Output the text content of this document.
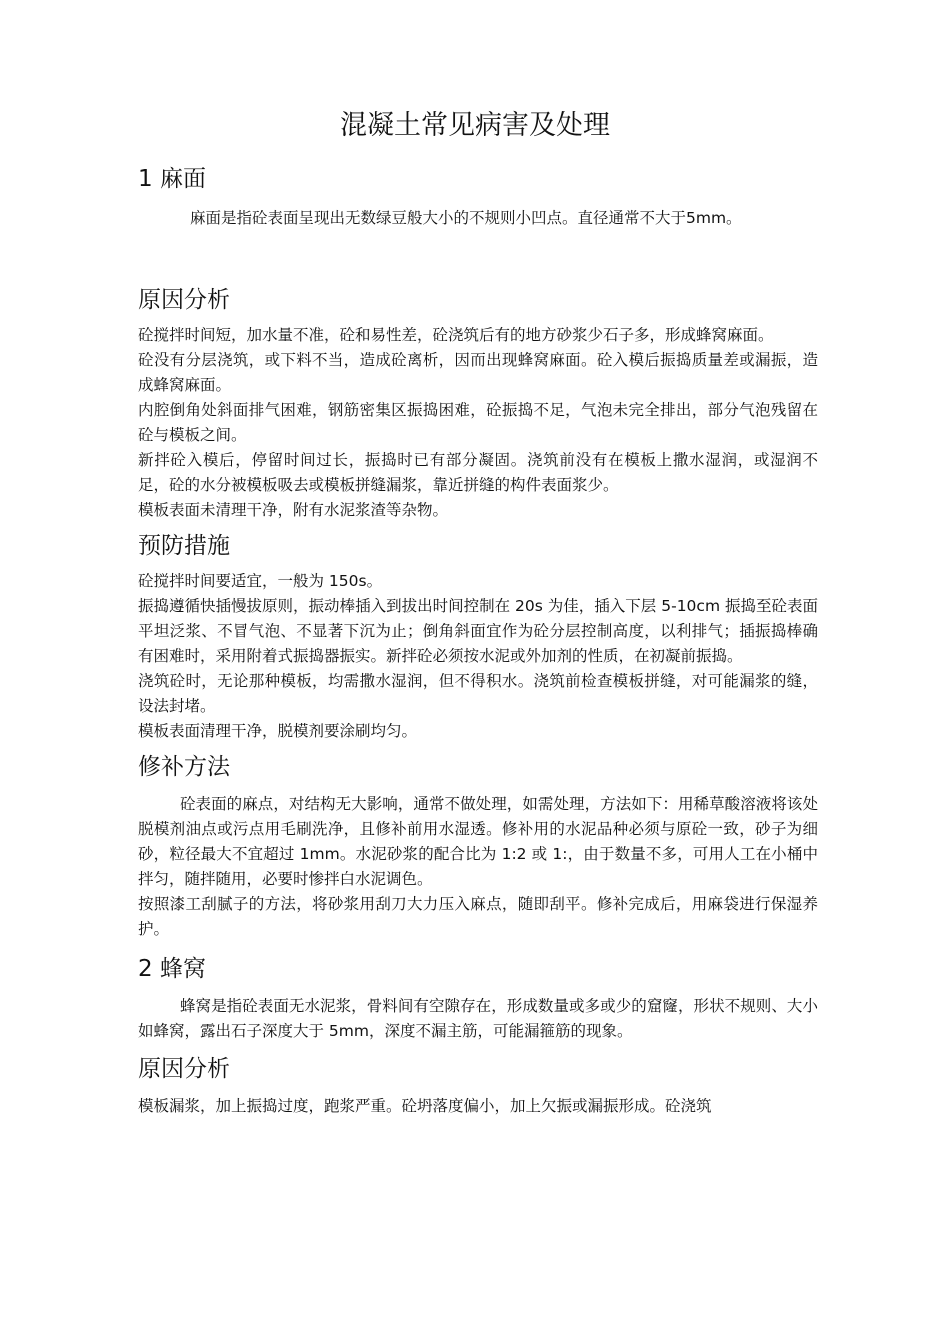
混凝土常见病害及处理
1 麻面

麻面是指砼表面呈现出无数绿豆般大小的不规则小凹点。直径通常不大于5mm。

原因分析

砼搅拌时间短，加水量不准，砼和易性差，砼浇筑后有的地方砂浆少石子多，形成蜂窝麻面。

砼没有分层浇筑，或下料不当，造成砼离析，因而出现蜂窝麻面。砼入模后振捣质量差或漏振，造成蜂窝麻面。

内腔倒角处斜面排气困难，钢筋密集区振捣困难，砼振捣不足，气泡未完全排出，部分气泡残留在砼与模板之间。

新拌砼入模后，停留时间过长，振捣时已有部分凝固。浇筑前没有在模板上撒水湿润，或湿润不足，砼的水分被模板吸去或模板拼缝漏浆，靠近拼缝的构件表面浆少。

模板表面未清理干净，附有水泥浆渣等杂物。

预防措施

砼搅拌时间要适宜，一般为 150s。

振捣遵循快插慢拔原则，振动棒插入到拔出时间控制在 20s 为佳，插入下层 5-10cm 振捣至砼表面平坦泛浆、不冒气泡、不显著下沉为止；倒角斜面宜作为砼分层控制高度，以利排气；插振捣棒确有困难时，采用附着式振捣器振实。新拌砼必须按水泥或外加剂的性质，在初凝前振捣。

浇筑砼时，无论那种模板，均需撒水湿润，但不得积水。浇筑前检查模板拼缝，对可能漏浆的缝，设法封堵。

模板表面清理干净，脱模剂要涂刷均匀。

修补方法

砼表面的麻点，对结构无大影响，通常不做处理，如需处理，方法如下：用稀草酸溶液将该处脱模剂油点或污点用毛刷洗净，且修补前用水湿透。修补用的水泥品种必须与原砼一致，砂子为细砂，粒径最大不宜超过 1mm。水泥砂浆的配合比为 1:2 或 1:，由于数量不多，可用人工在小桶中拌匀，随拌随用，必要时惨拌白水泥调色。

按照漆工刮腻子的方法，将砂浆用刮刀大力压入麻点，随即刮平。修补完成后，用麻袋进行保湿养护。

2 蜂窝

蜂窝是指砼表面无水泥浆，骨料间有空隙存在，形成数量或多或少的窟窿，形状不规则、大小如蜂窝，露出石子深度大于 5mm，深度不漏主筋，可能漏箍筋的现象。

原因分析

模板漏浆，加上振捣过度，跑浆严重。砼坍落度偏小，加上欠振或漏振形成。砼浇筑
